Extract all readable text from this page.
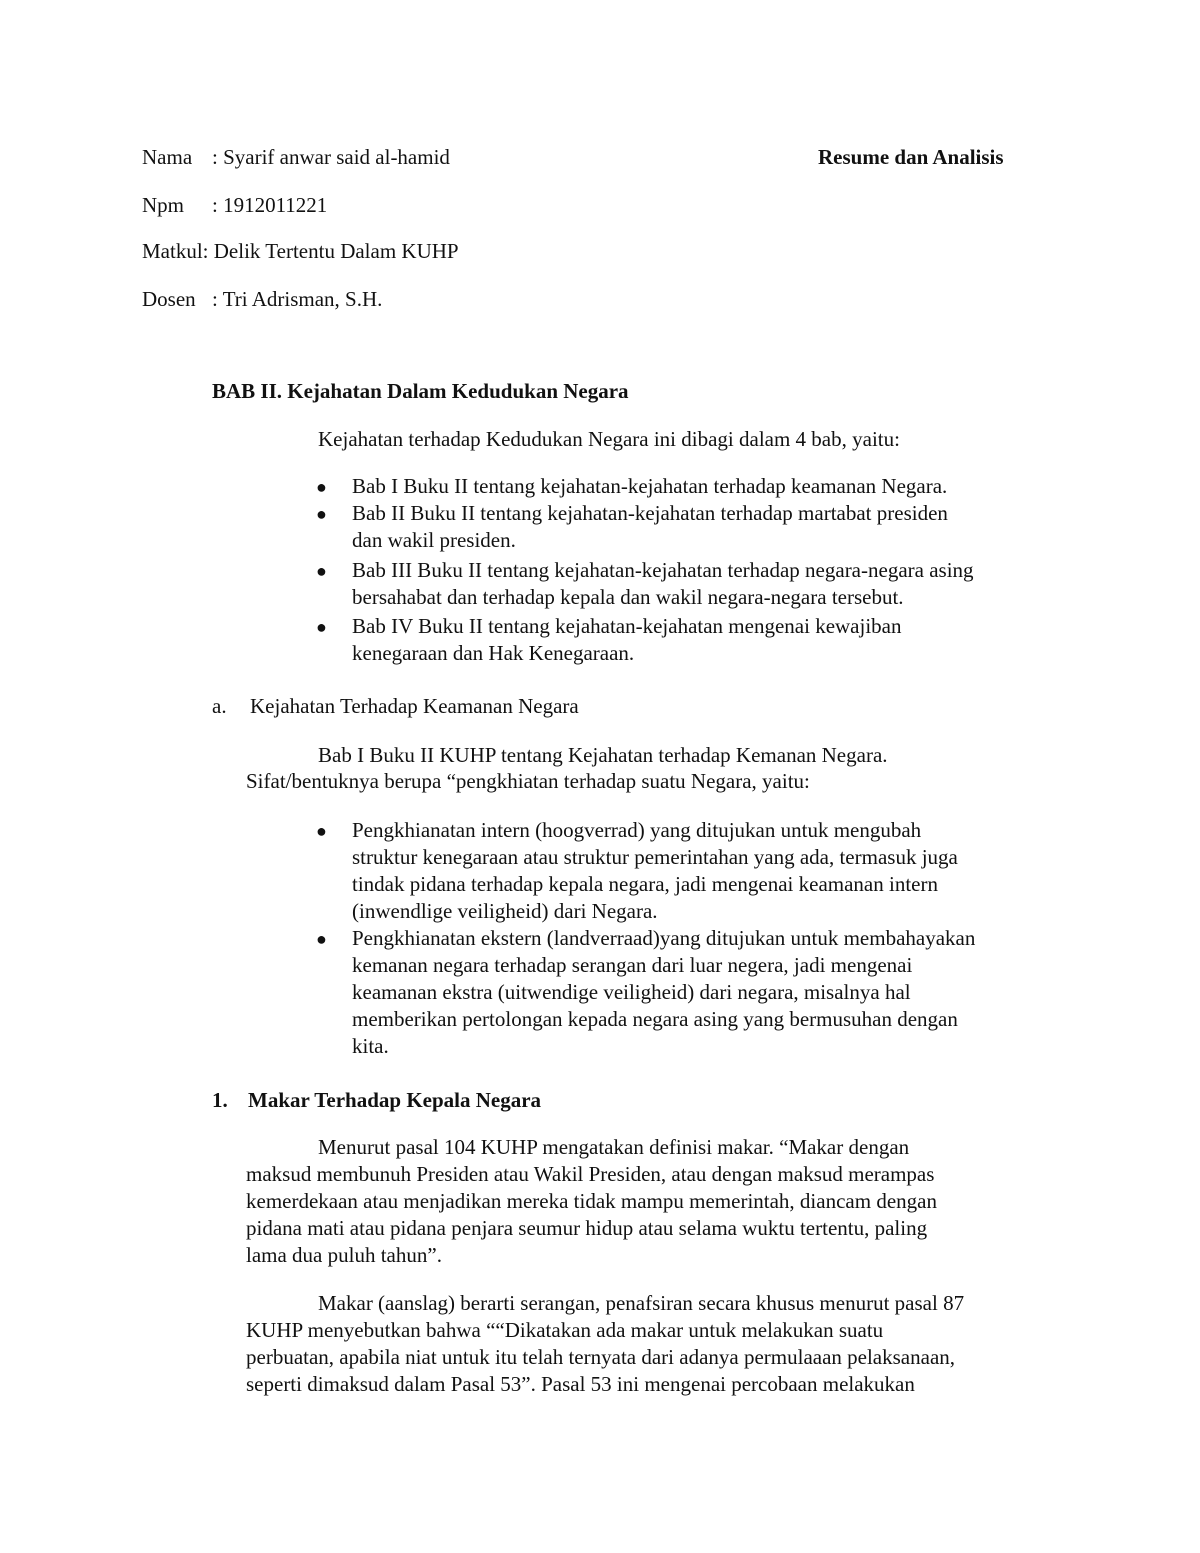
Nama : Syarif anwar said al-hamid	Resume dan Analisis
Npm : 1912011221
Matkul: Delik Tertentu Dalam KUHP
Dosen : Tri Adrisman, S.H.
BAB II. Kejahatan Dalam Kedudukan Negara
Kejahatan terhadap Kedudukan Negara ini dibagi dalam 4 bab, yaitu:
● Bab I Buku II tentang kejahatan-kejahatan terhadap keamanan Negara.
● Bab II Buku II tentang kejahatan-kejahatan terhadap martabat presiden
dan wakil presiden.
● Bab III Buku II tentang kejahatan-kejahatan terhadap negara-negara asing
bersahabat dan terhadap kepala dan wakil negara-negara tersebut.
● Bab IV Buku II tentang kejahatan-kejahatan mengenai kewajiban
kenegaraan dan Hak Kenegaraan.
a. Kejahatan Terhadap Keamanan Negara
Bab I Buku II KUHP tentang Kejahatan terhadap Kemanan Negara.
Sifat/bentuknya berupa “pengkhiatan terhadap suatu Negara, yaitu:
● Pengkhianatan intern (hoogverrad) yang ditujukan untuk mengubah
struktur kenegaraan atau struktur pemerintahan yang ada, termasuk juga
tindak pidana terhadap kepala negara, jadi mengenai keamanan intern
(inwendlige veiligheid) dari Negara.
● Pengkhianatan ekstern (landverraad)yang ditujukan untuk membahayakan
kemanan negara terhadap serangan dari luar negera, jadi mengenai
keamanan ekstra (uitwendige veiligheid) dari negara, misalnya hal
memberikan pertolongan kepada negara asing yang bermusuhan dengan
kita.
1. Makar Terhadap Kepala Negara
Menurut pasal 104 KUHP mengatakan definisi makar. “Makar dengan
maksud membunuh Presiden atau Wakil Presiden, atau dengan maksud merampas
kemerdekaan atau menjadikan mereka tidak mampu memerintah, diancam dengan
pidana mati atau pidana penjara seumur hidup atau selama wuktu tertentu, paling
lama dua puluh tahun”.
Makar (aanslag) berarti serangan, penafsiran secara khusus menurut pasal 87
KUHP menyebutkan bahwa ““Dikatakan ada makar untuk melakukan suatu
perbuatan, apabila niat untuk itu telah ternyata dari adanya permulaaan pelaksanaan,
seperti dimaksud dalam Pasal 53”. Pasal 53 ini mengenai percobaan melakukan
